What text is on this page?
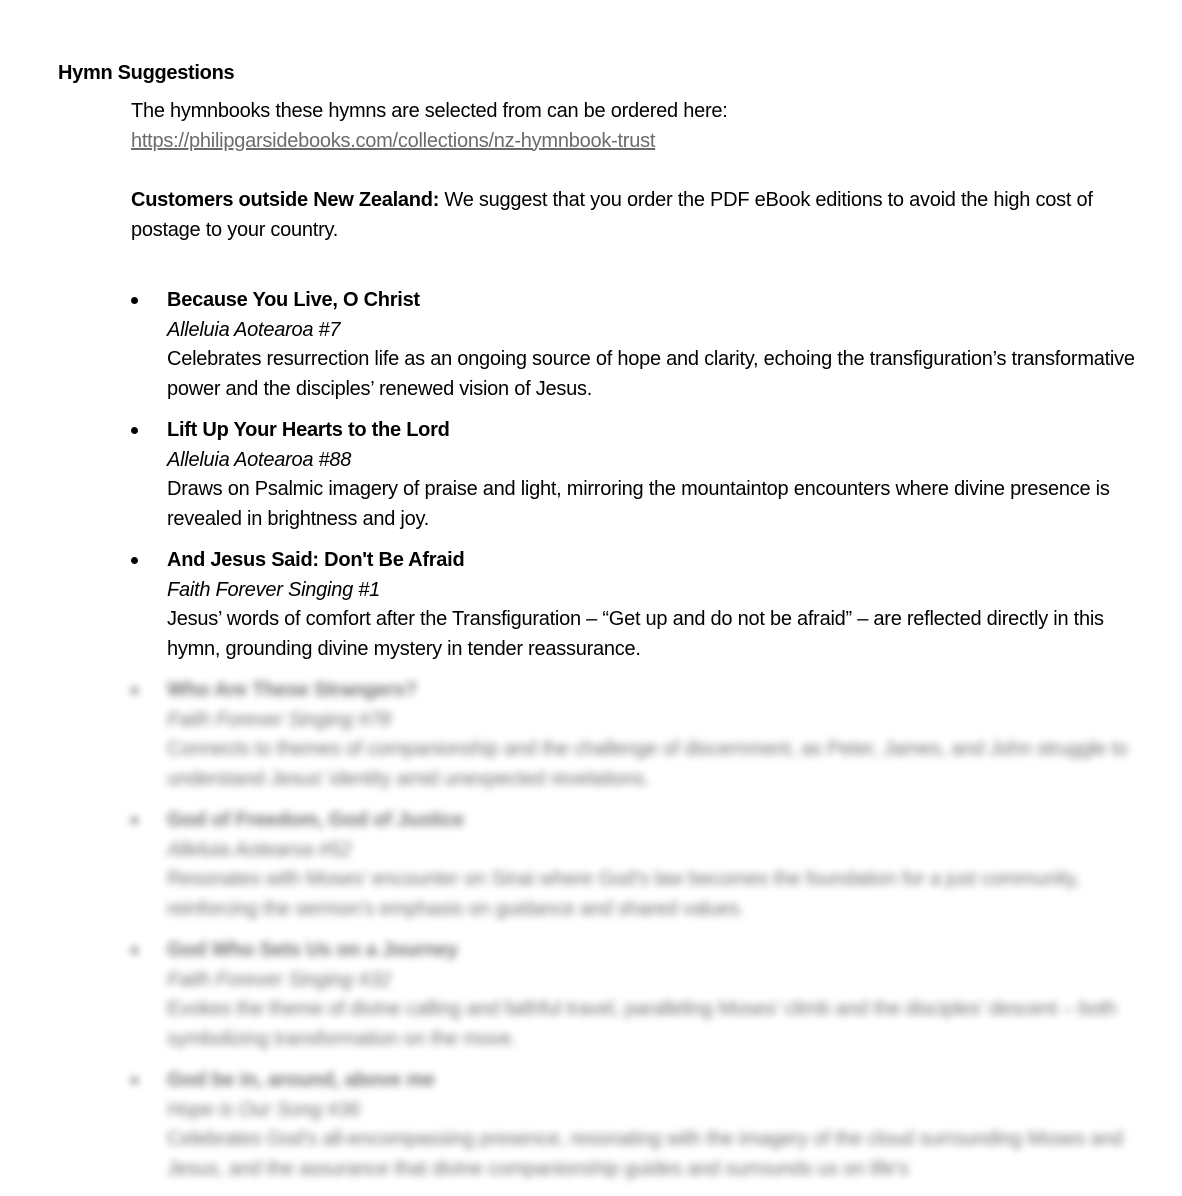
Hymn Suggestions
The hymnbooks these hymns are selected from can be ordered here:
https://philipgarsidebooks.com/collections/nz-hymnbook-trust
Customers outside New Zealand: We suggest that you order the PDF eBook editions to avoid the high cost of postage to your country.
Because You Live, O Christ
Alleluia Aotearoa #7
Celebrates resurrection life as an ongoing source of hope and clarity, echoing the transfiguration’s transformative power and the disciples’ renewed vision of Jesus.
Lift Up Your Hearts to the Lord
Alleluia Aotearoa #88
Draws on Psalmic imagery of praise and light, mirroring the mountaintop encounters where divine presence is revealed in brightness and joy.
And Jesus Said: Don't Be Afraid
Faith Forever Singing #1
Jesus’ words of comfort after the Transfiguration – “Get up and do not be afraid” – are reflected directly in this hymn, grounding divine mystery in tender reassurance.
Who Are These Strangers?
Faith Forever Singing #78
Connects to themes of companionship and the challenge of discernment, as Peter, James, and John struggle to understand Jesus’ identity amid unexpected revelations.
God of Freedom, God of Justice
Alleluia Aotearoa #52
Resonates with Moses’ encounter on Sinai where God’s law becomes the foundation for a just community, reinforcing the sermon’s emphasis on guidance and shared values.
God Who Sets Us on a Journey
Faith Forever Singing #32
Evokes the theme of divine calling and faithful travel, paralleling Moses’ climb and the disciples’ descent – both symbolizing transformation on the move.
God be in, around, above me
Hope is Our Song #36
Celebrates God’s all-encompassing presence, resonating with the imagery of the cloud surrounding Moses and Jesus, and the assurance that divine companionship guides and surrounds us on life’s
